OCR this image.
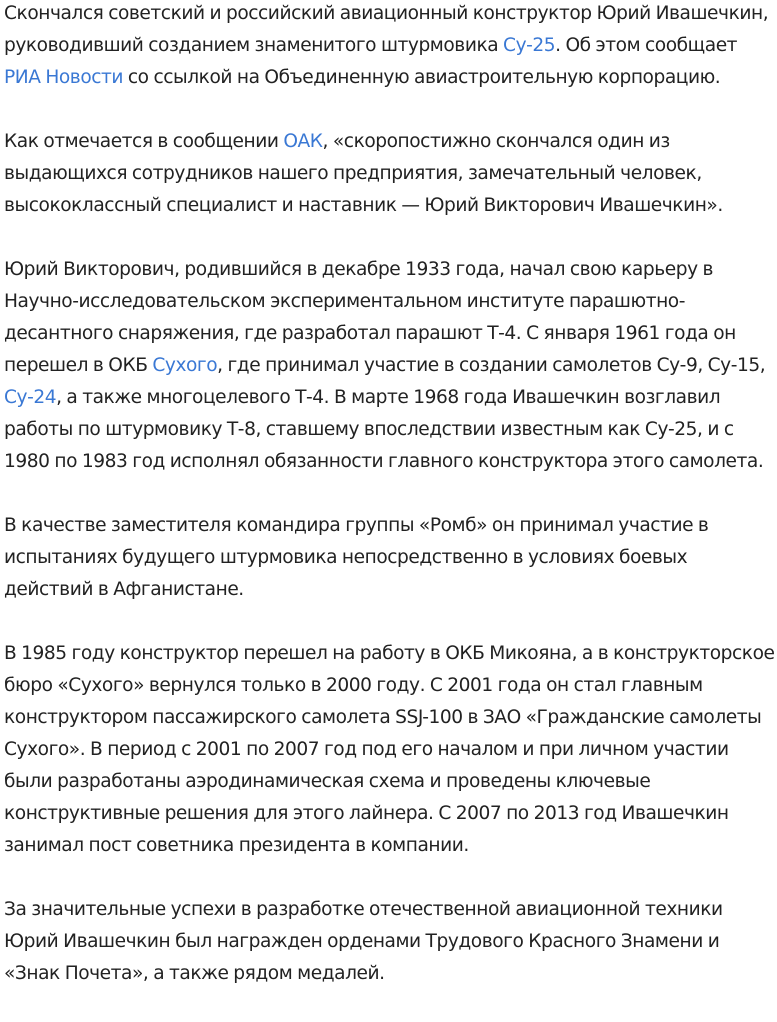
Скончался советский и российский авиационный конструктор Юрий Ивашечкин, руководивший созданием знаменитого штурмовика Су-25. Об этом сообщает РИА Новости со ссылкой на Объединенную авиастроительную корпорацию.

Как отмечается в сообщении ОАК, «скоропостижно скончался один из выдающихся сотрудников нашего предприятия, замечательный человек, высококлассный специалист и наставник — Юрий Викторович Ивашечкин».

Юрий Викторович, родившийся в декабре 1933 года, начал свою карьеру в Научно-исследовательском экспериментальном институте парашютно-десантного снаряжения, где разработал парашют Т-4. С января 1961 года он перешел в ОКБ Сухого, где принимал участие в создании самолетов Су-9, Су-15, Су-24, а также многоцелевого Т-4. В марте 1968 года Ивашечкин возглавил работы по штурмовику Т-8, ставшему впоследствии известным как Су-25, и с 1980 по 1983 год исполнял обязанности главного конструктора этого самолета.

В качестве заместителя командира группы «Ромб» он принимал участие в испытаниях будущего штурмовика непосредственно в условиях боевых действий в Афганистане.

В 1985 году конструктор перешел на работу в ОКБ Микояна, а в конструкторское бюро «Сухого» вернулся только в 2000 году. С 2001 года он стал главным конструктором пассажирского самолета SSJ-100 в ЗАО «Гражданские самолеты Сухого». В период с 2001 по 2007 год под его началом и при личном участии были разработаны аэродинамическая схема и проведены ключевые конструктивные решения для этого лайнера. С 2007 по 2013 год Ивашечкин занимал пост советника президента в компании.

За значительные успехи в разработке отечественной авиационной техники Юрий Ивашечкин был награжден орденами Трудового Красного Знамени и «Знак Почета», а также рядом медалей.
